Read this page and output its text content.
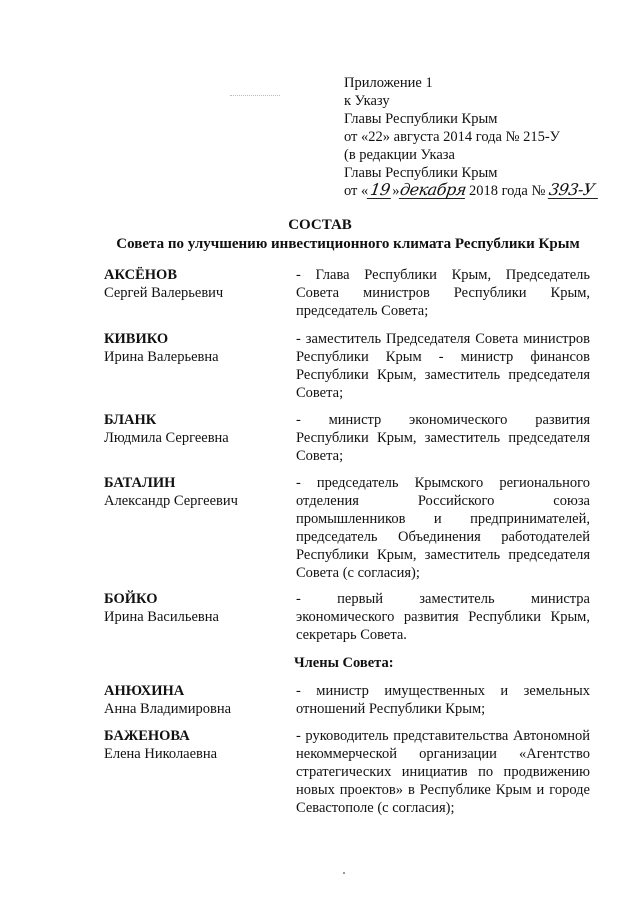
Приложение 1
к Указу
Главы Республики Крым
от «22» августа 2014 года № 215-У
(в редакции Указа
Главы Республики Крым
от «19»декабря 2018 года № 393-У
СОСТАВ
Совета по улучшению инвестиционного климата Республики Крым
АКСЁНОВ
Сергей Валерьевич
- Глава Республики Крым, Председатель Совета министров Республики Крым, председатель Совета;
КИВИКО
Ирина Валерьевна
- заместитель Председателя Совета министров Республики Крым - министр финансов Республики Крым, заместитель председателя Совета;
БЛАНК
Людмила Сергеевна
- министр экономического развития Республики Крым, заместитель председателя Совета;
БАТАЛИН
Александр Сергеевич
- председатель Крымского регионального отделения Российского союза промышленников и предпринимателей, председатель Объединения работодателей Республики Крым, заместитель председателя Совета (с согласия);
БОЙКО
Ирина Васильевна
- первый заместитель министра экономического развития Республики Крым, секретарь Совета.
Члены Совета:
АНЮХИНА
Анна Владимировна
- министр имущественных и земельных отношений Республики Крым;
БАЖЕНОВА
Елена Николаевна
- руководитель представительства Автономной некоммерческой организации «Агентство стратегических инициатив по продвижению новых проектов» в Республике Крым и городе Севастополе (с согласия);
